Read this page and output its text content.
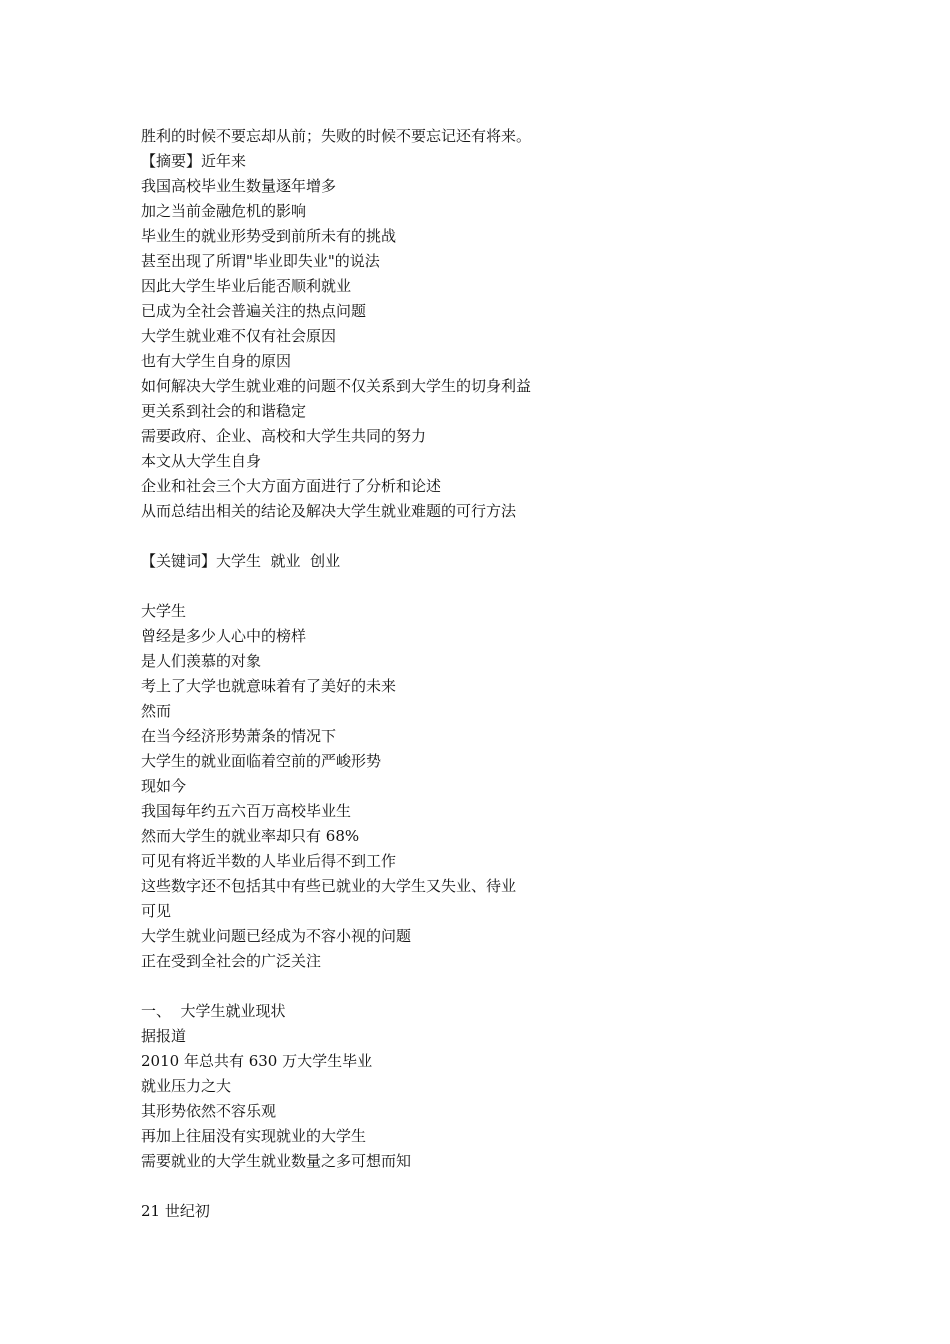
胜利的时候不要忘却从前；失败的时候不要忘记还有将来。
【摘要】近年来
我国高校毕业生数量逐年增多
加之当前金融危机的影响
毕业生的就业形势受到前所未有的挑战
甚至出现了所谓"毕业即失业"的说法
因此大学生毕业后能否顺利就业
已成为全社会普遍关注的热点问题
大学生就业难不仅有社会原因
也有大学生自身的原因
如何解决大学生就业难的问题不仅关系到大学生的切身利益
更关系到社会的和谐稳定
需要政府、企业、高校和大学生共同的努力
本文从大学生自身
企业和社会三个大方面方面进行了分析和论述
从而总结出相关的结论及解决大学生就业难题的可行方法
【关键词】大学生  就业  创业
大学生
曾经是多少人心中的榜样
是人们羡慕的对象
考上了大学也就意味着有了美好的未来
然而
在当今经济形势萧条的情况下
大学生的就业面临着空前的严峻形势
现如今
我国每年约五六百万高校毕业生
然而大学生的就业率却只有 68%
可见有将近半数的人毕业后得不到工作
这些数字还不包括其中有些已就业的大学生又失业、待业
可见
大学生就业问题已经成为不容小视的问题
正在受到全社会的广泛关注
一、  大学生就业现状
据报道
2010 年总共有 630 万大学生毕业
就业压力之大
其形势依然不容乐观
再加上往届没有实现就业的大学生
需要就业的大学生就业数量之多可想而知
21 世纪初
